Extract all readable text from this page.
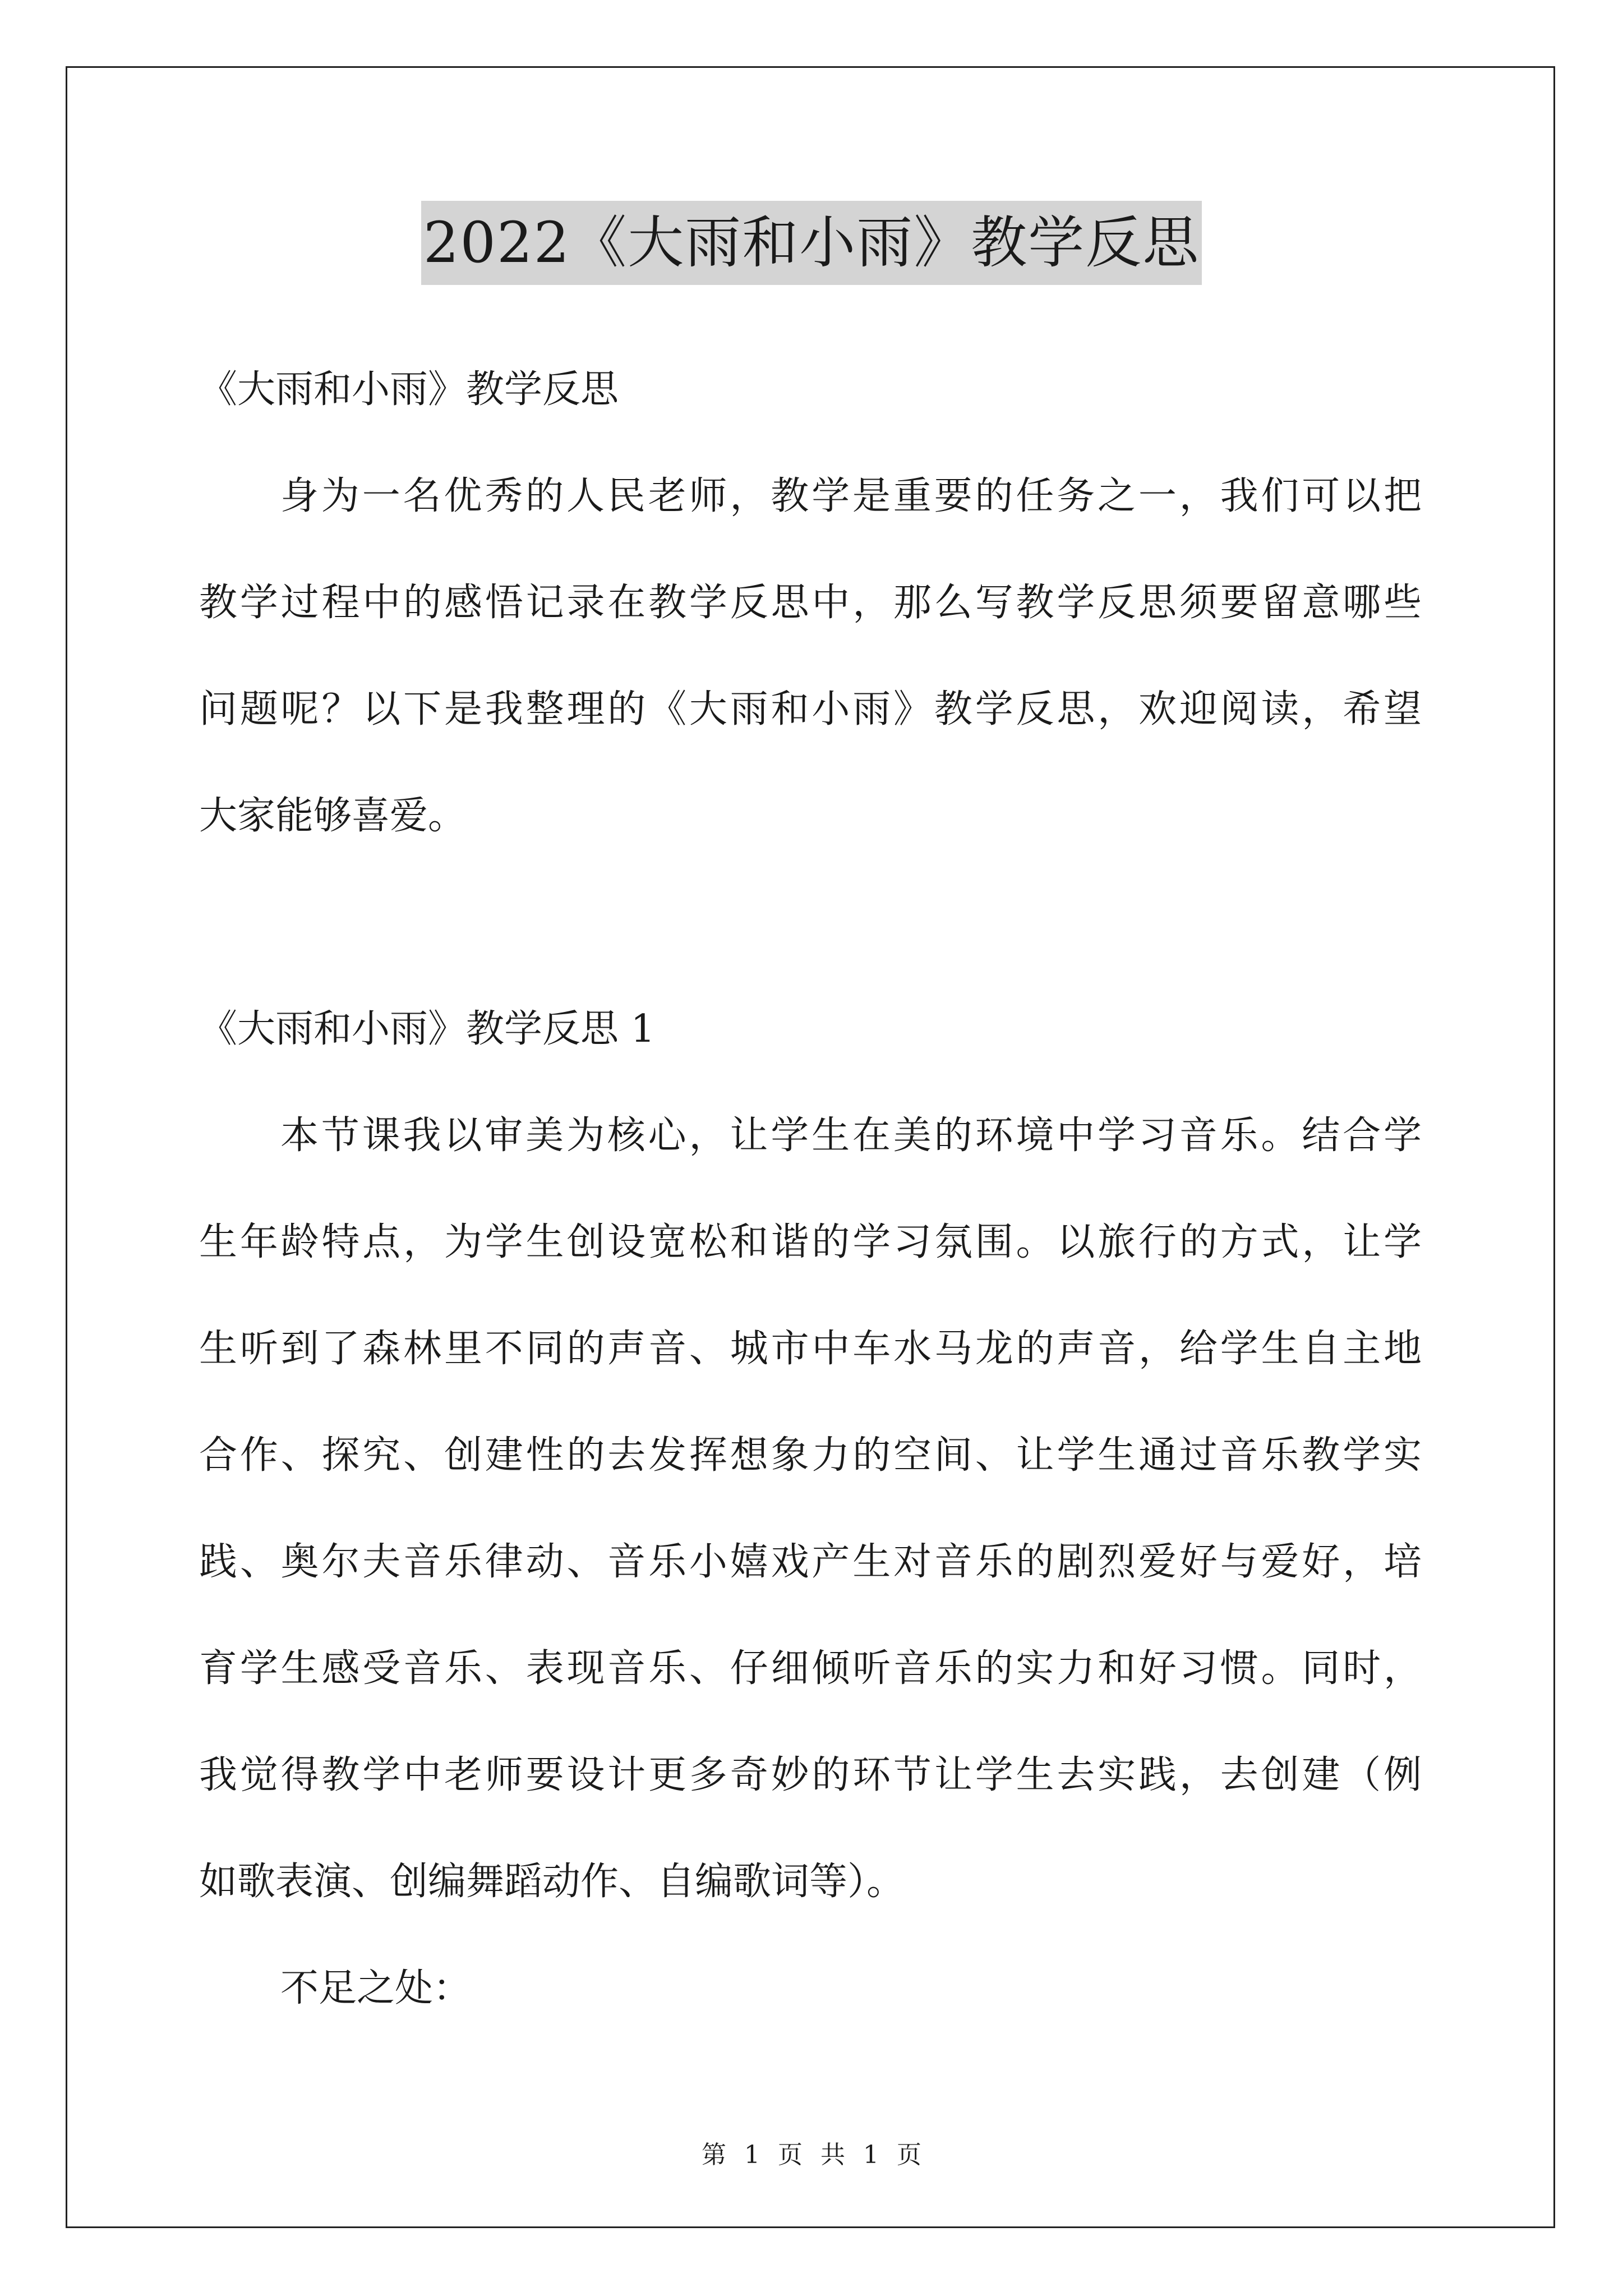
2022《大雨和小雨》教学反思
《大雨和小雨》教学反思
身为一名优秀的人民老师，教学是重要的任务之一，我们可以把
教学过程中的感悟记录在教学反思中，那么写教学反思须要留意哪些
问题呢？以下是我整理的《大雨和小雨》教学反思，欢迎阅读，希望
大家能够喜爱。
《大雨和小雨》教学反思 1
本节课我以审美为核心，让学生在美的环境中学习音乐。结合学
生年龄特点，为学生创设宽松和谐的学习氛围。以旅行的方式，让学
生听到了森林里不同的声音、城市中车水马龙的声音，给学生自主地
合作、探究、创建性的去发挥想象力的空间、让学生通过音乐教学实
践、奥尔夫音乐律动、音乐小嬉戏产生对音乐的剧烈爱好与爱好，培
育学生感受音乐、表现音乐、仔细倾听音乐的实力和好习惯。同时，
我觉得教学中老师要设计更多奇妙的环节让学生去实践，去创建（例
如歌表演、创编舞蹈动作、自编歌词等）。
不足之处：
第 1 页 共 1 页
